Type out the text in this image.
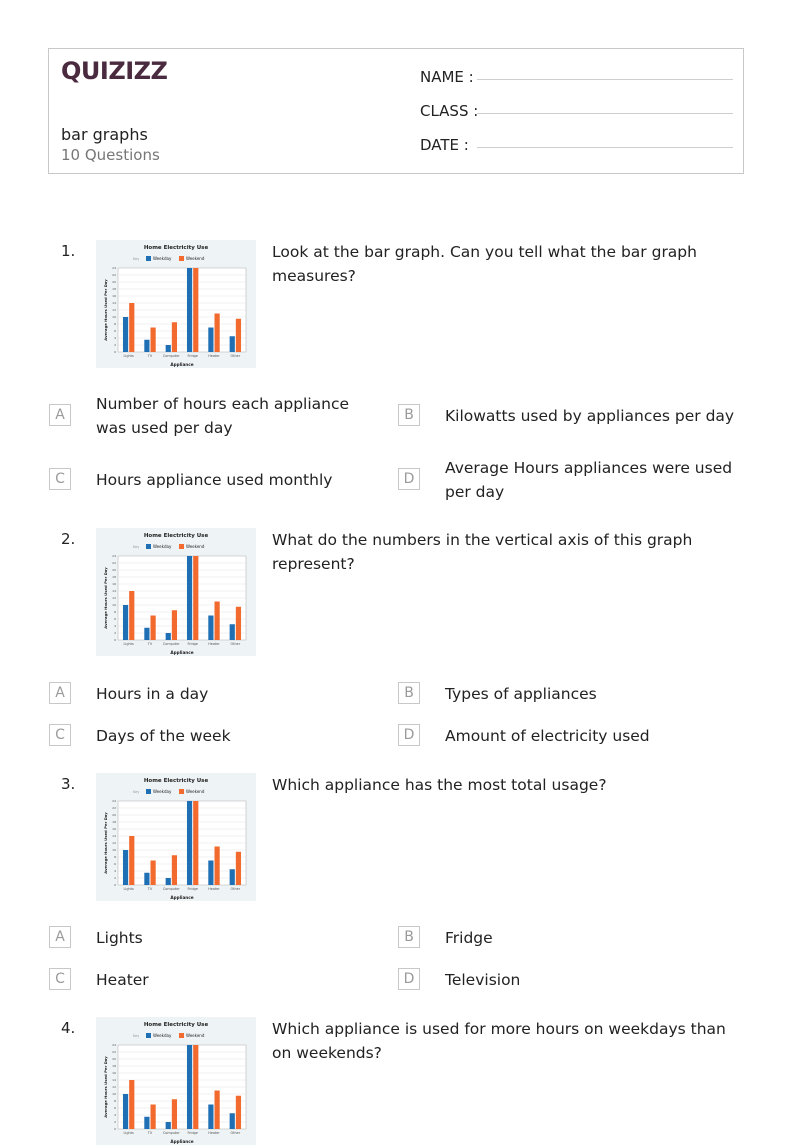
QUIZIZZ
bar graphs
10 Questions
NAME :
CLASS :
DATE :
1.	Home Electricity Use
Key	Weekday	Weekend
0
2
4
6
8
10
12
14
16
18
20
22
24
Lights	TV	Computer Fridge	Heater	Other
Appliance
Average Hours Used Per Day
Look at the bar graph. Can you tell what the bar graph measures?
A
Number of hours each appliance was used per day
B	Kilowatts used by appliances per day
C	Hours appliance used monthly	D
Average Hours appliances were used per day
2.	Home Electricity Use
Key	Weekday	Weekend
0
2
4
6
8
10
12
14
16
18
20
22
24
Lights	TV	Computer Fridge	Heater	Other
Appliance
Average Hours Used Per Day
What do the numbers in the vertical axis of this graph represent?
A	Hours in a day	B	Types of appliances
C	Days of the week	D	Amount of electricity used
3.	Home Electricity Use
Key	Weekday	Weekend
0
2
4
6
8
10
12
14
16
18
20
22
24
Lights	TV	Computer Fridge	Heater	Other
Appliance
Average Hours Used Per Day
Which appliance has the most total usage?
A	Lights	B	Fridge
C	Heater	D	Television
4.	Home Electricity Use
Key	Weekday	Weekend
0
2
4
6
8
10
12
14
16
18
20
22
24
Lights	TV	Computer Fridge	Heater	Other
Appliance
Average Hours Used Per Day
Which appliance is used for more hours on weekdays than on weekends?
